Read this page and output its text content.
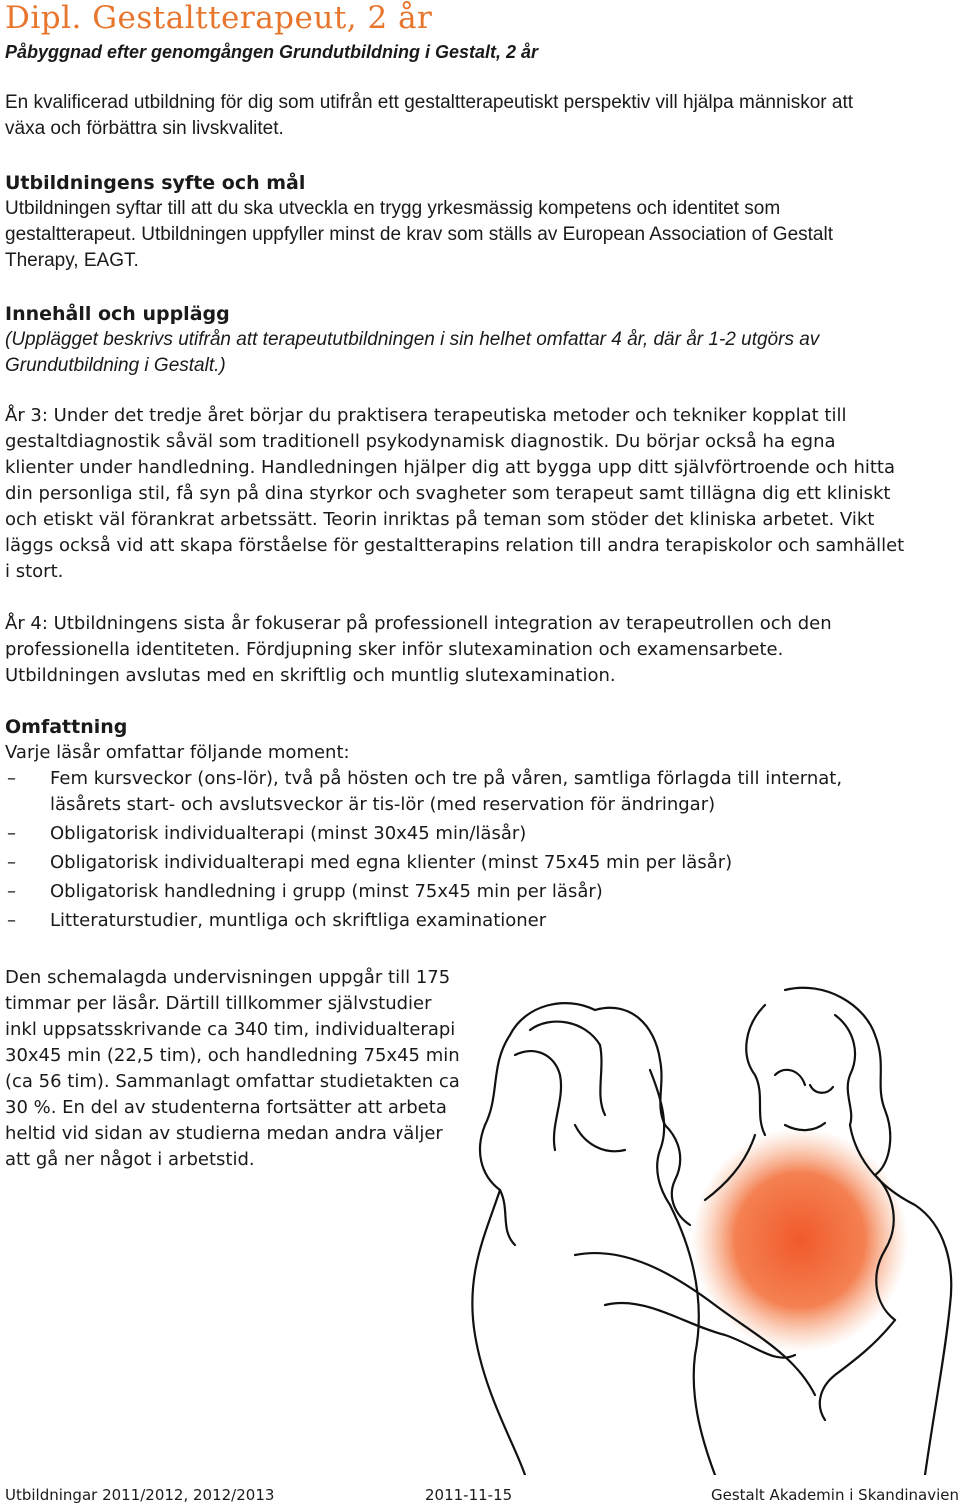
Dipl. Gestaltterapeut, 2 år
Påbyggnad efter genomgången Grundutbildning i Gestalt, 2 år
En kvalificerad utbildning för dig som utifrån ett gestaltterapeutiskt perspektiv vill hjälpa människor att växa och förbättra sin livskvalitet.
Utbildningens syfte och mål
Utbildningen syftar till att du ska utveckla en trygg yrkesmässig kompetens och identitet som gestaltterapeut. Utbildningen uppfyller minst de krav som ställs av European Association of Gestalt Therapy, EAGT.
Innehåll och upplägg
(Upplägget beskrivs utifrån att terapeututbildningen i sin helhet omfattar 4 år, där år 1-2 utgörs av Grundutbildning i Gestalt.)
År 3: Under det tredje året börjar du praktisera terapeutiska metoder och tekniker kopplat till gestaltdiagnostik såväl som traditionell psykodynamisk diagnostik. Du börjar också ha egna klienter under handledning. Handledningen hjälper dig att bygga upp ditt självförtroende och hitta din personliga stil, få syn på dina styrkor och svagheter som terapeut samt tillägna dig ett kliniskt och etiskt väl förankrat arbetssätt. Teorin inriktas på teman som stöder det kliniska arbetet. Vikt läggs också vid att skapa förståelse för gestaltterapins relation till andra terapiskolor och samhället i stort.
År 4: Utbildningens sista år fokuserar på professionell integration av terapeutrollen och den professionella identiteten. Fördjupning sker inför slutexamination och examensarbete. Utbildningen avslutas med en skriftlig och muntlig slutexamination.
Omfattning
Varje läsår omfattar följande moment:
– Fem kursveckor (ons-lör), två på hösten och tre på våren, samtliga förlagda till internat, läsårets start- och avslutsveckor är tis-lör (med reservation för ändringar)
– Obligatorisk individualterapi (minst 30x45 min/läsår)
– Obligatorisk individualterapi med egna klienter (minst 75x45 min per läsår)
– Obligatorisk handledning i grupp (minst 75x45 min per läsår)
– Litteraturstudier, muntliga och skriftliga examinationer
Den schemalagda undervisningen uppgår till 175 timmar per läsår. Därtill tillkommer självstudier inkl uppsatsskrivande ca 340 tim, individualterapi 30x45 min (22,5 tim), och handledning 75x45 min (ca 56 tim). Sammanlagt omfattar studietakten ca 30 %. En del av studenterna fortsätter att arbeta heltid vid sidan av studierna medan andra väljer att gå ner något i arbetstid.
Utbildningar 2011/2012, 2012/2013	2011-11-15	Gestalt Akademin i Skandinavien
